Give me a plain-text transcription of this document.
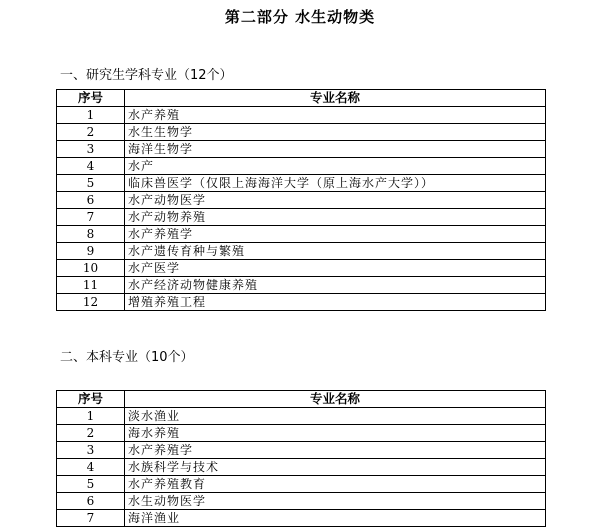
第二部分 水生动物类
一、研究生学科专业（12个）
序号	专业名称
1	水产养殖
2	水生生物学
3	海洋生物学
4	水产
5	临床兽医学（仅限上海海洋大学（原上海水产大学））
6	水产动物医学
7	水产动物养殖
8	水产养殖学
9	水产遗传育种与繁殖
10	水产医学
11	水产经济动物健康养殖
12	增殖养殖工程
二、本科专业（10个）
序号	专业名称
1	淡水渔业
2	海水养殖
3	水产养殖学
4	水族科学与技术
5	水产养殖教育
6	水生动物医学
7	海洋渔业
